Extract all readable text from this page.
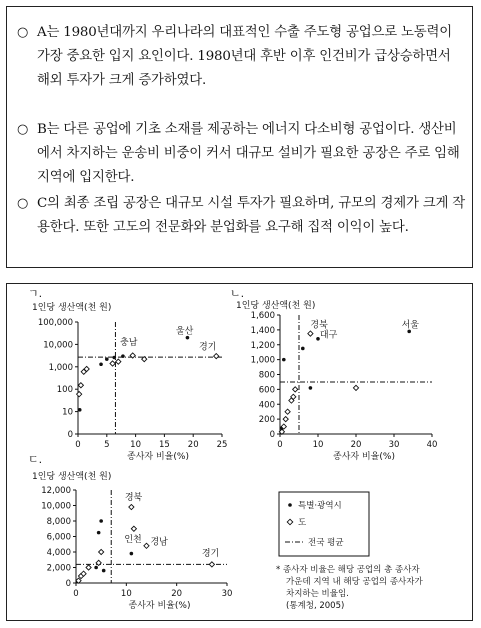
○ A는 1980년대까지 우리나라의 대표적인 수출 주도형 공업으로 노동력이 가장 중요한 입지 요인이다. 1980년대 후반 이후 인건비가 급상승하면서 해외 투자가 크게 증가하였다.
○ B는 다른 공업에 기초 소재를 제공하는 에너지 다소비형 공업이다. 생산비에서 차지하는 운송비 비중이 커서 대규모 설비가 필요한 공장은 주로 임해 지역에 입지한다.
○ C의 최종 조립 공장은 대규모 시설 투자가 필요하며, 규모의 경제가 크게 작용한다. 또한 고도의 전문화와 분업화를 요구해 집적 이익이 높다.
ㄱ.
1인당 생산액(천 원)
0
10
100
1,000
10,000
100,000
0	5 10 15 20 25
종사자 비율(%)
울산
충남	경기
ㄴ.
1인당 생산액(천 원)
0
200
400
600
800
1,000
1,200
1,400
1,600
0	10	20	30	40
종사자 비율(%)
경북
대구
서울
ㄷ.
1인당 생산액(천 원)
0
2,000
4,000
6,000
8,000
10,000
12,000
0	10	20	30
종사자 비율(%)
경북
인천 경남
경기
특별·광역시
도
전국 평균
* 종사자 비율은 해당 공업의 총 종사자
가운데 지역 내 해당 공업의 종사자가
차지하는 비율임.
(통계청, 2005)
